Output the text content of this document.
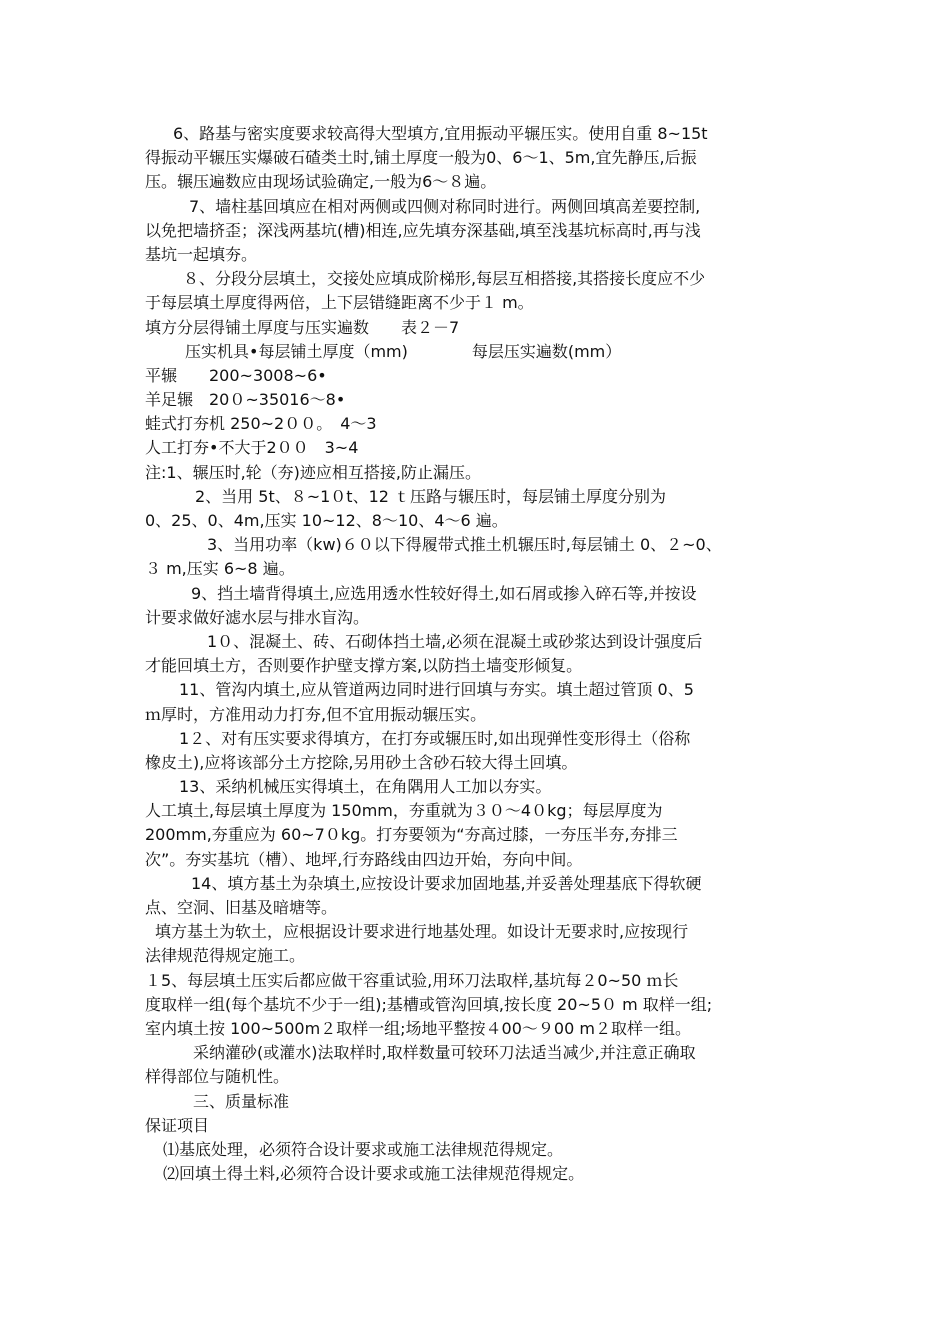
6、路基与密实度要求较高得大型填方,宜用振动平辗压实。使用自重 8~15t
得振动平辗压实爆破石碴类土时,铺土厚度一般为0、6～1、5m,宜先静压,后振
压。辗压遍数应由现场试验确定,一般为6～８遍。
7、墙柱基回填应在相对两侧或四侧对称同时进行。两侧回填高差要控制,
以免把墙挤歪；深浅两基坑(槽)相连,应先填夯深基础,填至浅基坑标高时,再与浅
基坑一起填夯。
８、分段分层填土，交接处应填成阶梯形,每层互相搭接,其搭接长度应不少
于每层填土厚度得两倍，上下层错缝距离不少于１ m。
填方分层得铺土厚度与压实遍数　　表２－7
压实机具•每层铺土厚度（mm)　　　　每层压实遍数(mm）
平辗　　200~3008~6•
羊足辗　20０~35016～8•
蛙式打夯机 250~2００。　4～3
人工打夯•不大于2００　3~4
注:1、辗压时,轮（夯)迹应相互搭接,防止漏压。
2、当用 5t、８~1０t、12 ｔ压路与辗压时，每层铺土厚度分别为
0、25、0、4m,压实 10~12、8～10、4～6 遍。
3、当用功率（kw)６０以下得履带式推土机辗压时,每层铺土 0、２~0、
３ m,压实 6~8 遍。
9、挡土墙背得填土,应选用透水性较好得土,如石屑或掺入碎石等,并按设
计要求做好滤水层与排水盲沟。
1０、混凝土、砖、石砌体挡土墙,必须在混凝土或砂浆达到设计强度后
才能回填土方，否则要作护壁支撑方案,以防挡土墙变形倾复。
11、管沟内填土,应从管道两边同时进行回填与夯实。填土超过管顶 0、5
ｍ厚时，方准用动力打夯,但不宜用振动辗压实。
1２、对有压实要求得填方，在打夯或辗压时,如出现弹性变形得土（俗称
橡皮土),应将该部分土方挖除,另用砂土含砂石较大得土回填。
13、采纳机械压实得填土，在角隅用人工加以夯实。
人工填土,每层填土厚度为 150mm，夯重就为３０～4０kg；每层厚度为
200mm,夯重应为 60~7０kg。打夯要领为“夯高过膝，一夯压半夯,夯排三
次”。夯实基坑（槽）、地坪,行夯路线由四边开始，夯向中间。
14、填方基土为杂填土,应按设计要求加固地基,并妥善处理基底下得软硬
点、空洞、旧基及暗塘等。
填方基土为软土，应根据设计要求进行地基处理。如设计无要求时,应按现行
法律规范得规定施工。
１5、每层填土压实后都应做干容重试验,用环刀法取样,基坑每２0~50 ｍ长
度取样一组(每个基坑不少于一组);基槽或管沟回填,按长度 20~5０ m 取样一组;
室内填土按 100~500m２取样一组;场地平整按４00～９00 m２取样一组。
采纳灌砂(或灌水)法取样时,取样数量可较环刀法适当减少,并注意正确取
样得部位与随机性。
三、质量标准
保证项目
⑴基底处理，必须符合设计要求或施工法律规范得规定。
⑵回填土得土料,必须符合设计要求或施工法律规范得规定。
